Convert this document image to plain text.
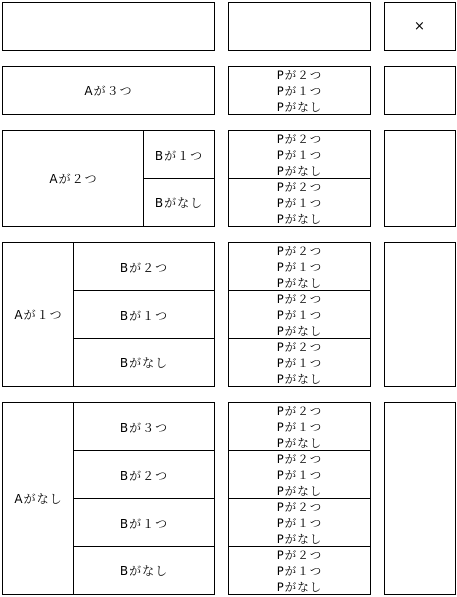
×
Aが３つ
Pが２つ
Pが１つ
Pがなし
Aが２つ
Bが１つ
Bがなし
Pが２つ
Pが１つ
Pがなし
Pが２つ
Pが１つ
Pがなし
Aが１つ
Bが２つ
Bが１つ
Bがなし
Pが２つ
Pが１つ
Pがなし
Pが２つ
Pが１つ
Pがなし
Pが２つ
Pが１つ
Pがなし
Aがなし
Bが３つ
Bが２つ
Bが１つ
Bがなし
Pが２つ
Pが１つ
Pがなし
Pが２つ
Pが１つ
Pがなし
Pが２つ
Pが１つ
Pがなし
Pが２つ
Pが１つ
Pがなし
